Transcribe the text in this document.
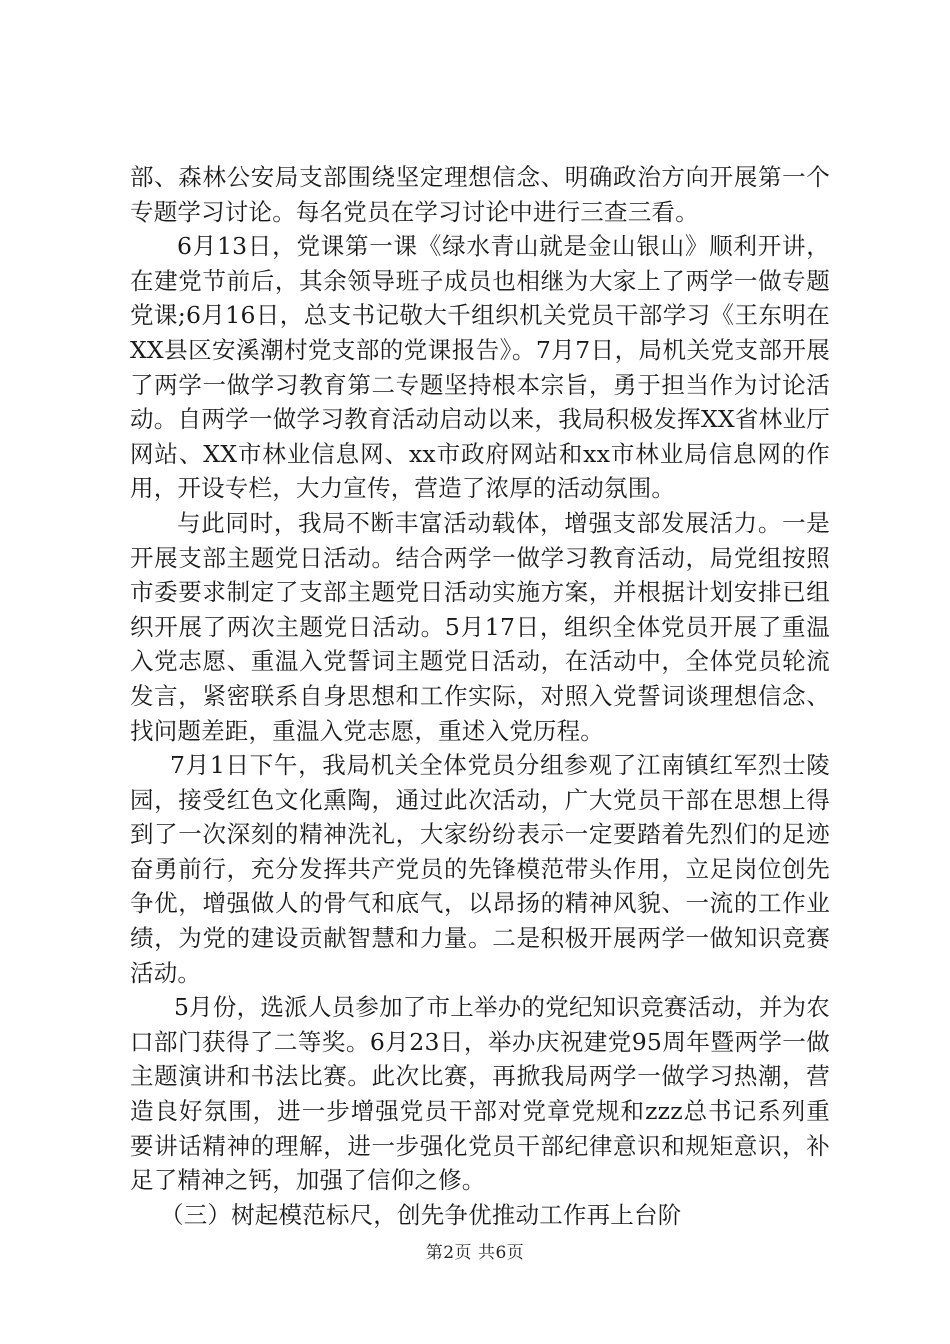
部、森林公安局支部围绕坚定理想信念、明确政治方向开展第一个专题学习讨论。每名党员在学习讨论中进行三查三看。

6月13日，党课第一课《绿水青山就是金山银山》顺利开讲，在建党节前后，其余领导班子成员也相继为大家上了两学一做专题党课;6月16日，总支书记敬大千组织机关党员干部学习《王东明在XX县区安溪潮村党支部的党课报告》。7月7日，局机关党支部开展了两学一做学习教育第二专题坚持根本宗旨，勇于担当作为讨论活动。自两学一做学习教育活动启动以来，我局积极发挥XX省林业厅网站、XX市林业信息网、xx市政府网站和xx市林业局信息网的作用，开设专栏，大力宣传，营造了浓厚的活动氛围。

与此同时，我局不断丰富活动载体，增强支部发展活力。一是开展支部主题党日活动。结合两学一做学习教育活动，局党组按照市委要求制定了支部主题党日活动实施方案，并根据计划安排已组织开展了两次主题党日活动。5月17日，组织全体党员开展了重温入党志愿、重温入党誓词主题党日活动，在活动中，全体党员轮流发言，紧密联系自身思想和工作实际，对照入党誓词谈理想信念、找问题差距，重温入党志愿，重述入党历程。

7月1日下午，我局机关全体党员分组参观了江南镇红军烈士陵园，接受红色文化熏陶，通过此次活动，广大党员干部在思想上得到了一次深刻的精神洗礼，大家纷纷表示一定要踏着先烈们的足迹奋勇前行，充分发挥共产党员的先锋模范带头作用，立足岗位创先争优，增强做人的骨气和底气，以昂扬的精神风貌、一流的工作业绩，为党的建设贡献智慧和力量。二是积极开展两学一做知识竞赛活动。

5月份，选派人员参加了市上举办的党纪知识竞赛活动，并为农口部门获得了二等奖。6月23日，举办庆祝建党95周年暨两学一做主题演讲和书法比赛。此次比赛，再掀我局两学一做学习热潮，营造良好氛围，进一步增强党员干部对党章党规和zzz总书记系列重要讲话精神的理解，进一步强化党员干部纪律意识和规矩意识，补足了精神之钙，加强了信仰之修。

（三）树起模范标尺，创先争优推动工作再上台阶

第2页 共6页
